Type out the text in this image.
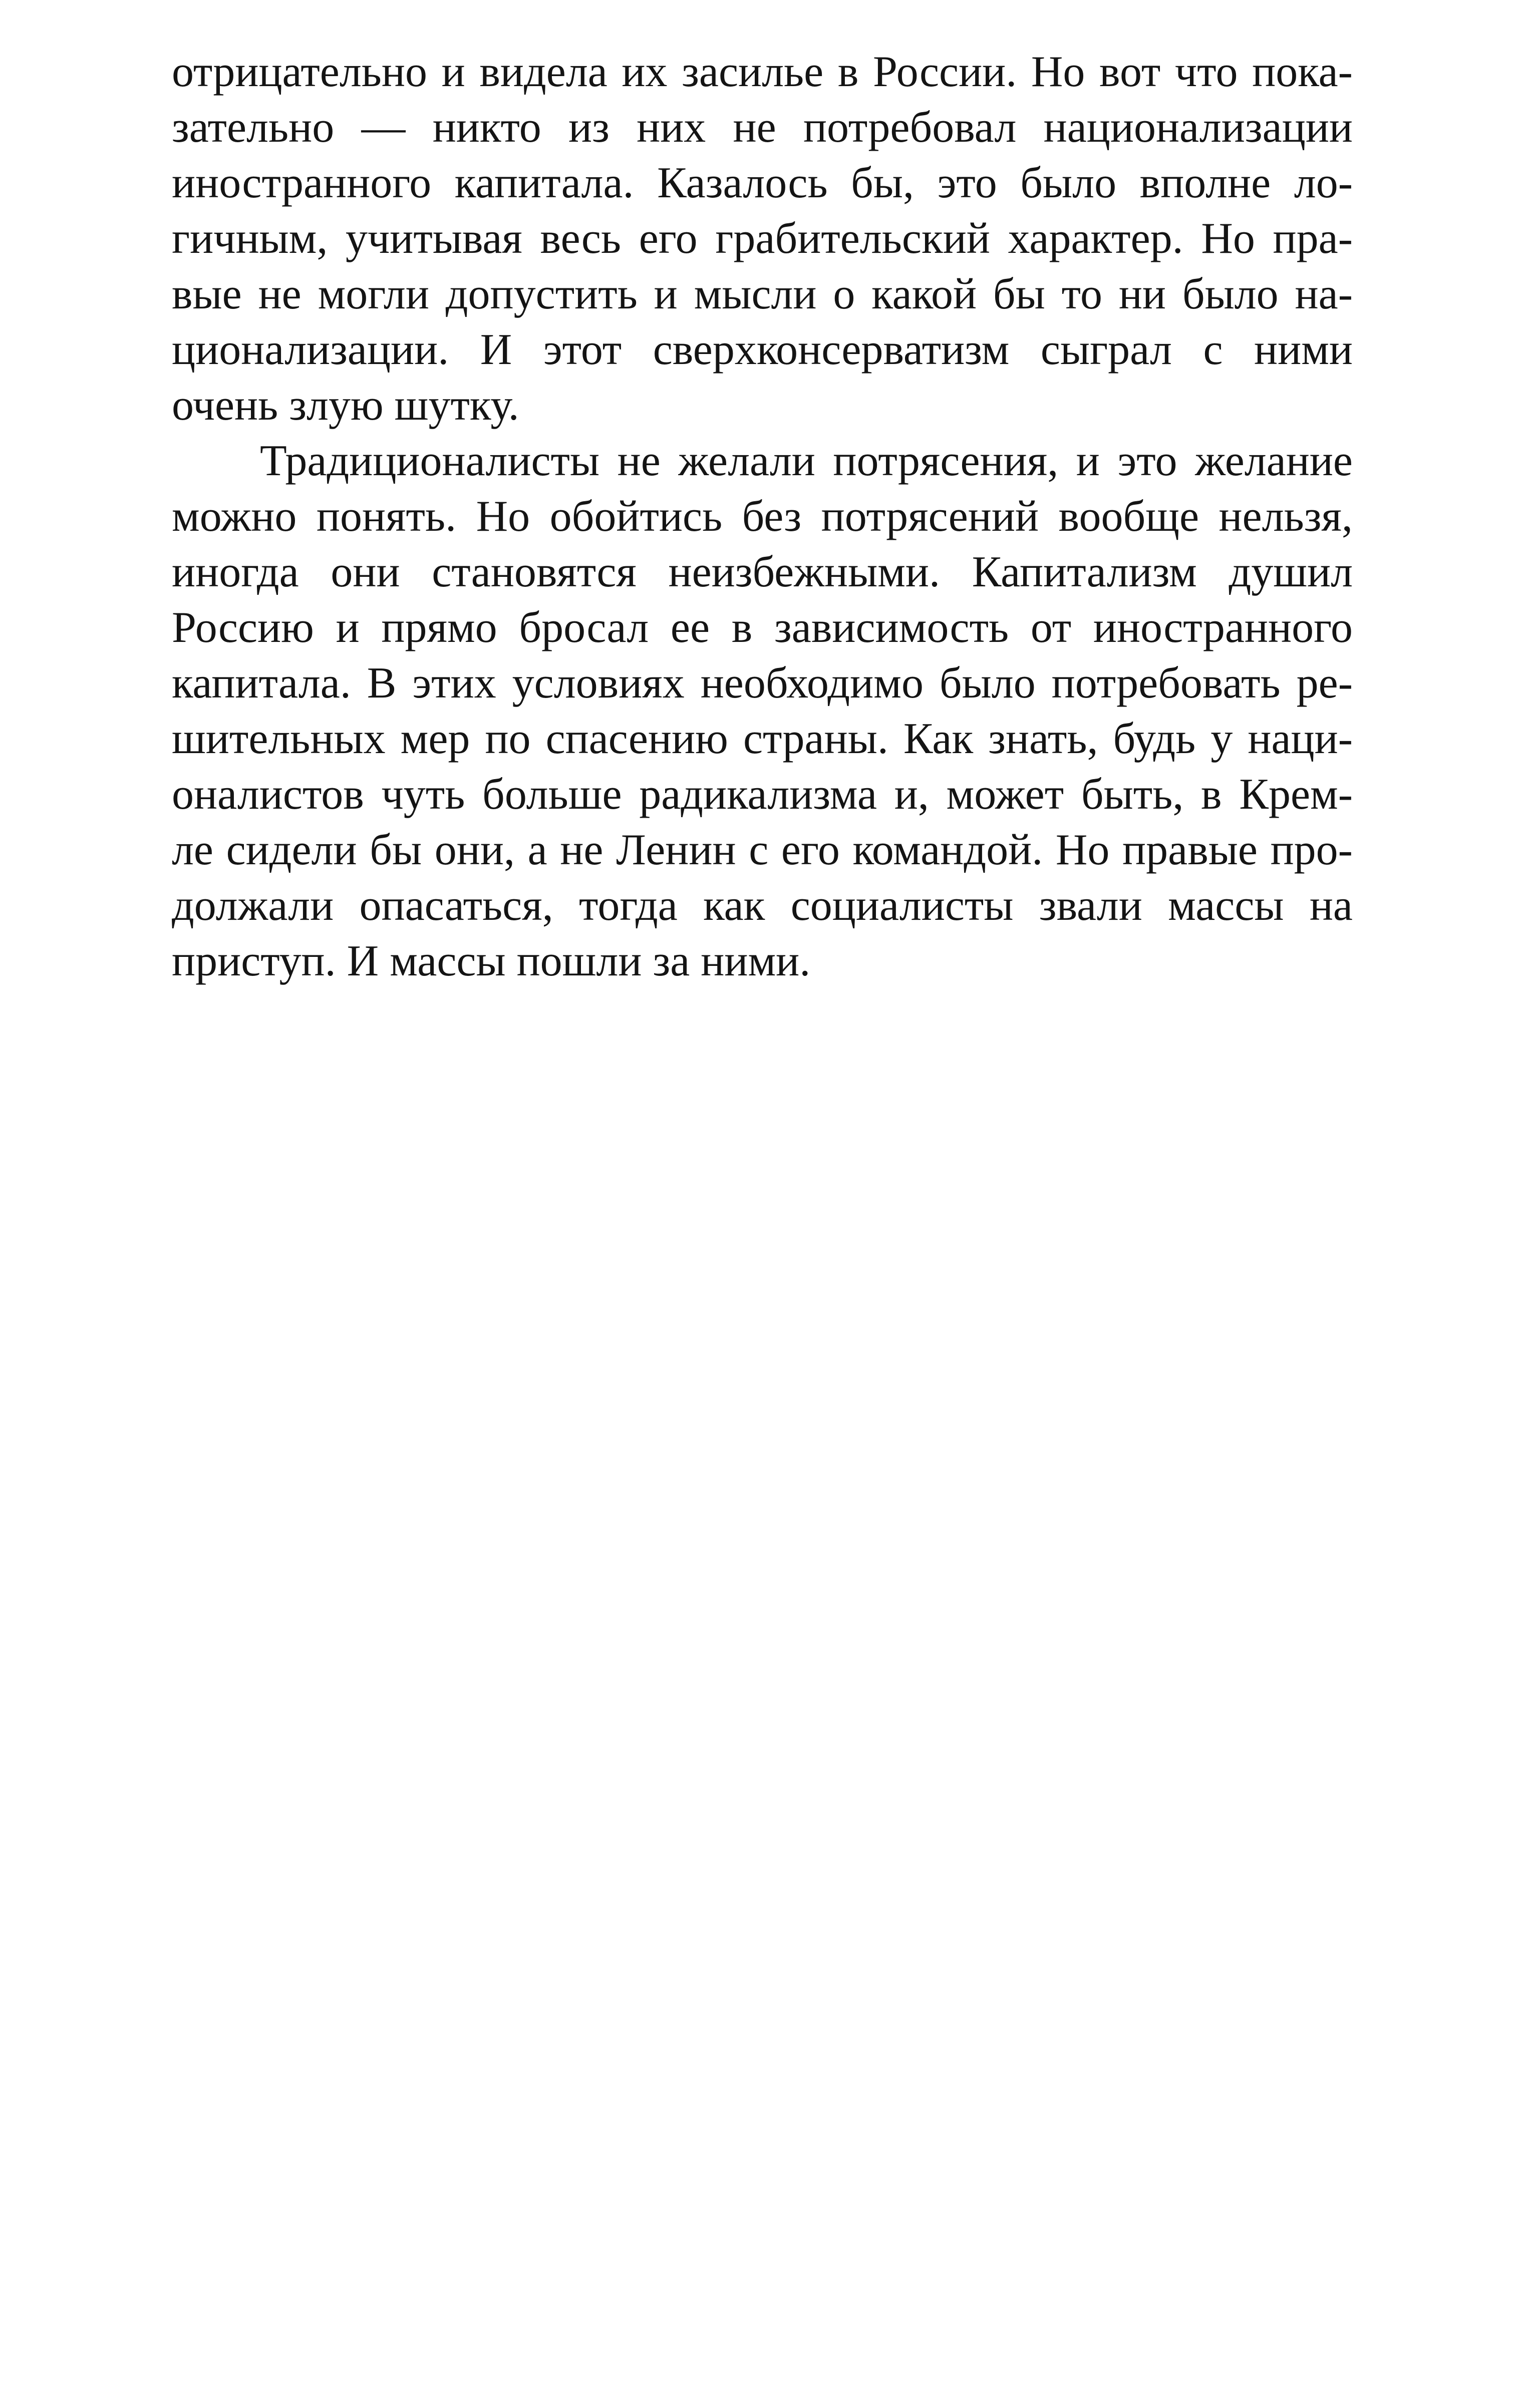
отрицательно и видела их засилье в России. Но вот что пока-
зательно — никто из них не потребовал национализации
иностранного капитала. Казалось бы, это было вполне ло-
гичным, учитывая весь его грабительский характер. Но пра-
вые не могли допустить и мысли о какой бы то ни было на-
ционализации. И этот сверхконсерватизм сыграл с ними
очень злую шутку.
Традиционалисты не желали потрясения, и это желание
можно понять. Но обойтись без потрясений вообще нельзя,
иногда они становятся неизбежными. Капитализм душил
Россию и прямо бросал ее в зависимость от иностранного
капитала. В этих условиях необходимо было потребовать ре-
шительных мер по спасению страны. Как знать, будь у наци-
оналистов чуть больше радикализма и, может быть, в Крем-
ле сидели бы они, а не Ленин с его командой. Но правые про-
должали опасаться, тогда как социалисты звали массы на
приступ. И массы пошли за ними.
